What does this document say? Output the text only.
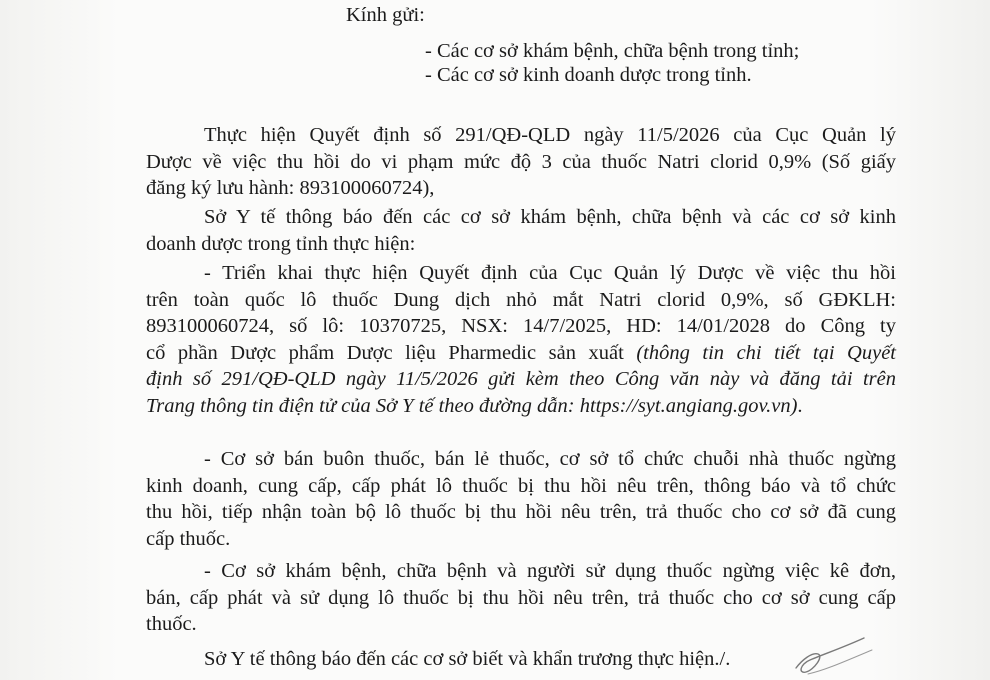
Kính gửi:
- Các cơ sở khám bệnh, chữa bệnh trong tỉnh;
- Các cơ sở kinh doanh dược trong tỉnh.
Thực hiện Quyết định số 291/QĐ-QLD ngày 11/5/2026 của Cục Quản lý
Dược về việc thu hồi do vi phạm mức độ 3 của thuốc Natri clorid 0,9% (Số giấy
đăng ký lưu hành: 893100060724),
Sở Y tế thông báo đến các cơ sở khám bệnh, chữa bệnh và các cơ sở kinh
doanh dược trong tỉnh thực hiện:
- Triển khai thực hiện Quyết định của Cục Quản lý Dược về việc thu hồi
trên toàn quốc lô thuốc Dung dịch nhỏ mắt Natri clorid 0,9%, số GĐKLH:
893100060724, số lô: 10370725, NSX: 14/7/2025, HD: 14/01/2028 do Công ty
cổ phần Dược phẩm Dược liệu Pharmedic sản xuất (thông tin chi tiết tại Quyết
định số 291/QĐ-QLD ngày 11/5/2026 gửi kèm theo Công văn này và đăng tải trên
Trang thông tin điện tử của Sở Y tế theo đường dẫn: https://syt.angiang.gov.vn).
- Cơ sở bán buôn thuốc, bán lẻ thuốc, cơ sở tổ chức chuỗi nhà thuốc ngừng
kinh doanh, cung cấp, cấp phát lô thuốc bị thu hồi nêu trên, thông báo và tổ chức
thu hồi, tiếp nhận toàn bộ lô thuốc bị thu hồi nêu trên, trả thuốc cho cơ sở đã cung
cấp thuốc.
- Cơ sở khám bệnh, chữa bệnh và người sử dụng thuốc ngừng việc kê đơn,
bán, cấp phát và sử dụng lô thuốc bị thu hồi nêu trên, trả thuốc cho cơ sở cung cấp
thuốc.
Sở Y tế thông báo đến các cơ sở biết và khẩn trương thực hiện./.
